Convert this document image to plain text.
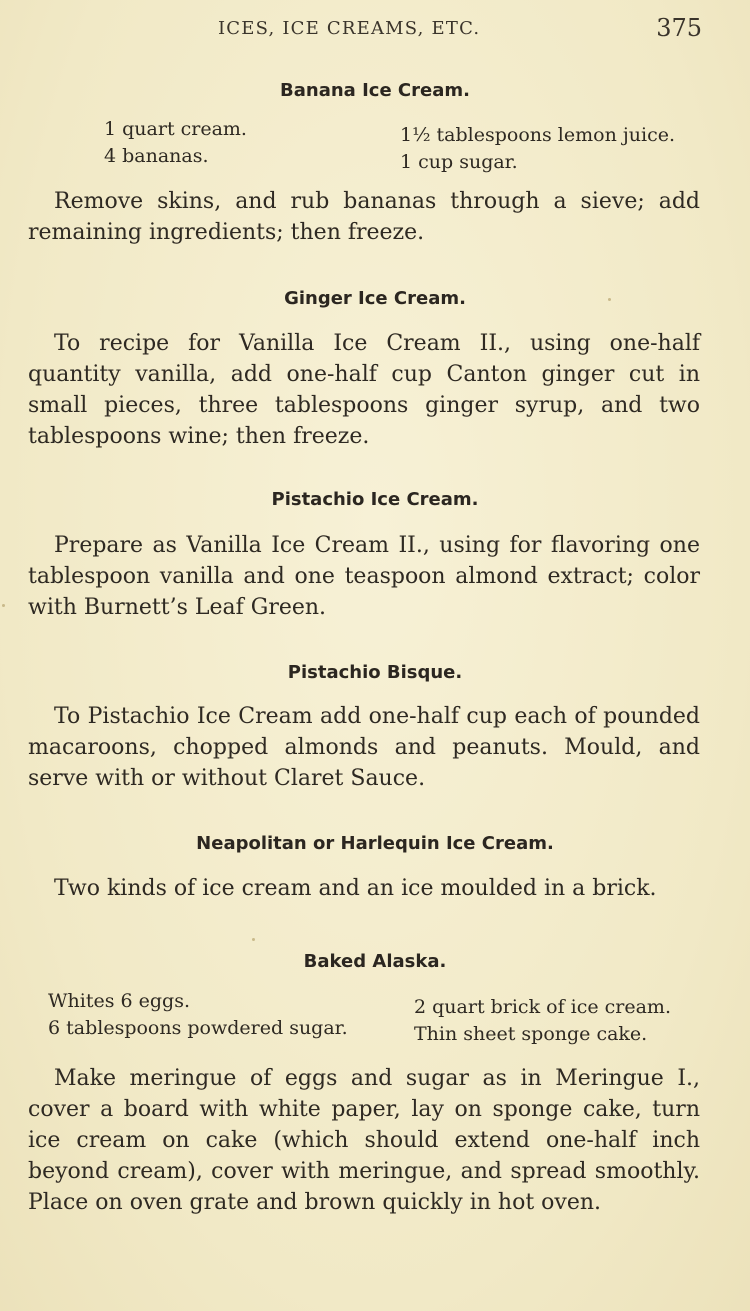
ICES, ICE CREAMS, ETC.	375
Banana Ice Cream.
1 quart cream.
4 bananas.
1½ tablespoons lemon juice.
1 cup sugar.
Remove skins, and rub bananas through a sieve; add remaining ingredients; then freeze.
Ginger Ice Cream.
To recipe for Vanilla Ice Cream II., using one-half quantity vanilla, add one-half cup Canton ginger cut in small pieces, three tablespoons ginger syrup, and two tablespoons wine; then freeze.
Pistachio Ice Cream.
Prepare as Vanilla Ice Cream II., using for flavoring one tablespoon vanilla and one teaspoon almond extract; color with Burnett’s Leaf Green.
Pistachio Bisque.
To Pistachio Ice Cream add one-half cup each of pounded macaroons, chopped almonds and peanuts. Mould, and serve with or without Claret Sauce.
Neapolitan or Harlequin Ice Cream.
Two kinds of ice cream and an ice moulded in a brick.
Baked Alaska.
Whites 6 eggs.
6 tablespoons powdered sugar.
2 quart brick of ice cream.
Thin sheet sponge cake.
Make meringue of eggs and sugar as in Meringue I., cover a board with white paper, lay on sponge cake, turn ice cream on cake (which should extend one-half inch beyond cream), cover with meringue, and spread smoothly. Place on oven grate and brown quickly in hot oven.
